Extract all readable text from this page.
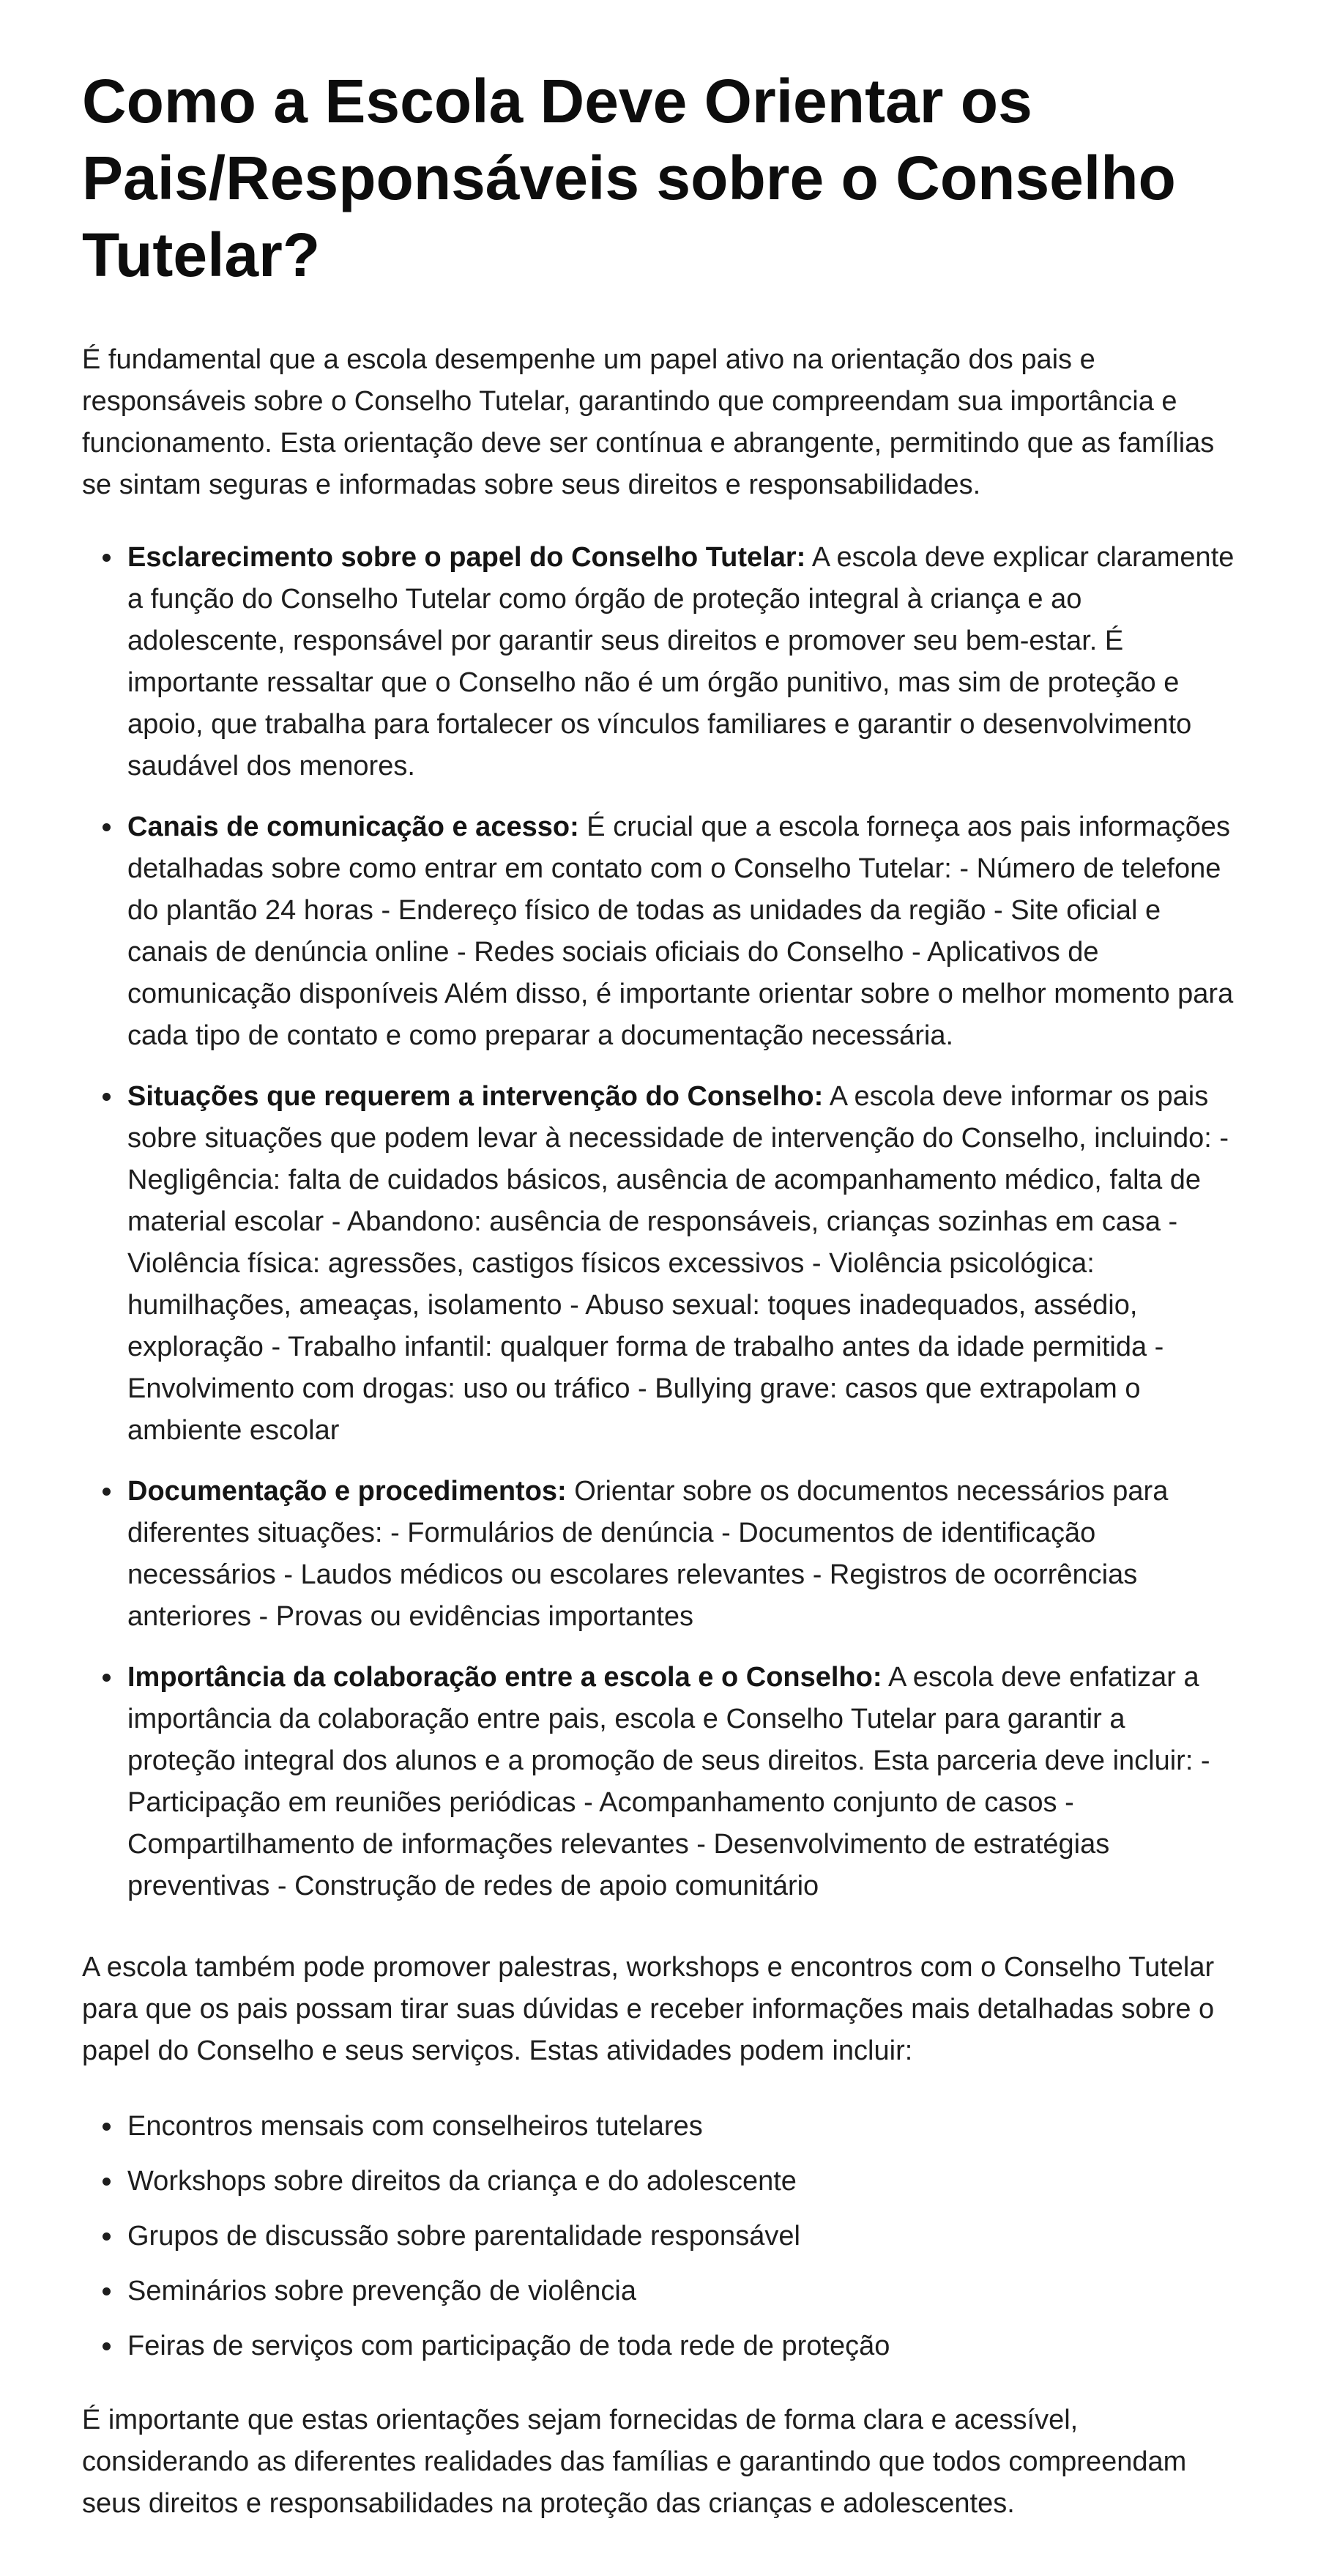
Como a Escola Deve Orientar os Pais/Responsáveis sobre o Conselho Tutelar?

É fundamental que a escola desempenhe um papel ativo na orientação dos pais e responsáveis sobre o Conselho Tutelar, garantindo que compreendam sua importância e funcionamento. Esta orientação deve ser contínua e abrangente, permitindo que as famílias se sintam seguras e informadas sobre seus direitos e responsabilidades.

• Esclarecimento sobre o papel do Conselho Tutelar: A escola deve explicar claramente a função do Conselho Tutelar como órgão de proteção integral à criança e ao adolescente, responsável por garantir seus direitos e promover seu bem-estar. É importante ressaltar que o Conselho não é um órgão punitivo, mas sim de proteção e apoio, que trabalha para fortalecer os vínculos familiares e garantir o desenvolvimento saudável dos menores.
• Canais de comunicação e acesso: É crucial que a escola forneça aos pais informações detalhadas sobre como entrar em contato com o Conselho Tutelar: - Número de telefone do plantão 24 horas - Endereço físico de todas as unidades da região - Site oficial e canais de denúncia online - Redes sociais oficiais do Conselho - Aplicativos de comunicação disponíveis Além disso, é importante orientar sobre o melhor momento para cada tipo de contato e como preparar a documentação necessária.
• Situações que requerem a intervenção do Conselho: A escola deve informar os pais sobre situações que podem levar à necessidade de intervenção do Conselho, incluindo: - Negligência: falta de cuidados básicos, ausência de acompanhamento médico, falta de material escolar - Abandono: ausência de responsáveis, crianças sozinhas em casa - Violência física: agressões, castigos físicos excessivos - Violência psicológica: humilhações, ameaças, isolamento - Abuso sexual: toques inadequados, assédio, exploração - Trabalho infantil: qualquer forma de trabalho antes da idade permitida - Envolvimento com drogas: uso ou tráfico - Bullying grave: casos que extrapolam o ambiente escolar
• Documentação e procedimentos: Orientar sobre os documentos necessários para diferentes situações: - Formulários de denúncia - Documentos de identificação necessários - Laudos médicos ou escolares relevantes - Registros de ocorrências anteriores - Provas ou evidências importantes
• Importância da colaboração entre a escola e o Conselho: A escola deve enfatizar a importância da colaboração entre pais, escola e Conselho Tutelar para garantir a proteção integral dos alunos e a promoção de seus direitos. Esta parceria deve incluir: - Participação em reuniões periódicas - Acompanhamento conjunto de casos - Compartilhamento de informações relevantes - Desenvolvimento de estratégias preventivas - Construção de redes de apoio comunitário

A escola também pode promover palestras, workshops e encontros com o Conselho Tutelar para que os pais possam tirar suas dúvidas e receber informações mais detalhadas sobre o papel do Conselho e seus serviços. Estas atividades podem incluir:

• Encontros mensais com conselheiros tutelares
• Workshops sobre direitos da criança e do adolescente
• Grupos de discussão sobre parentalidade responsável
• Seminários sobre prevenção de violência
• Feiras de serviços com participação de toda rede de proteção

É importante que estas orientações sejam fornecidas de forma clara e acessível, considerando as diferentes realidades das famílias e garantindo que todos compreendam seus direitos e responsabilidades na proteção das crianças e adolescentes.
